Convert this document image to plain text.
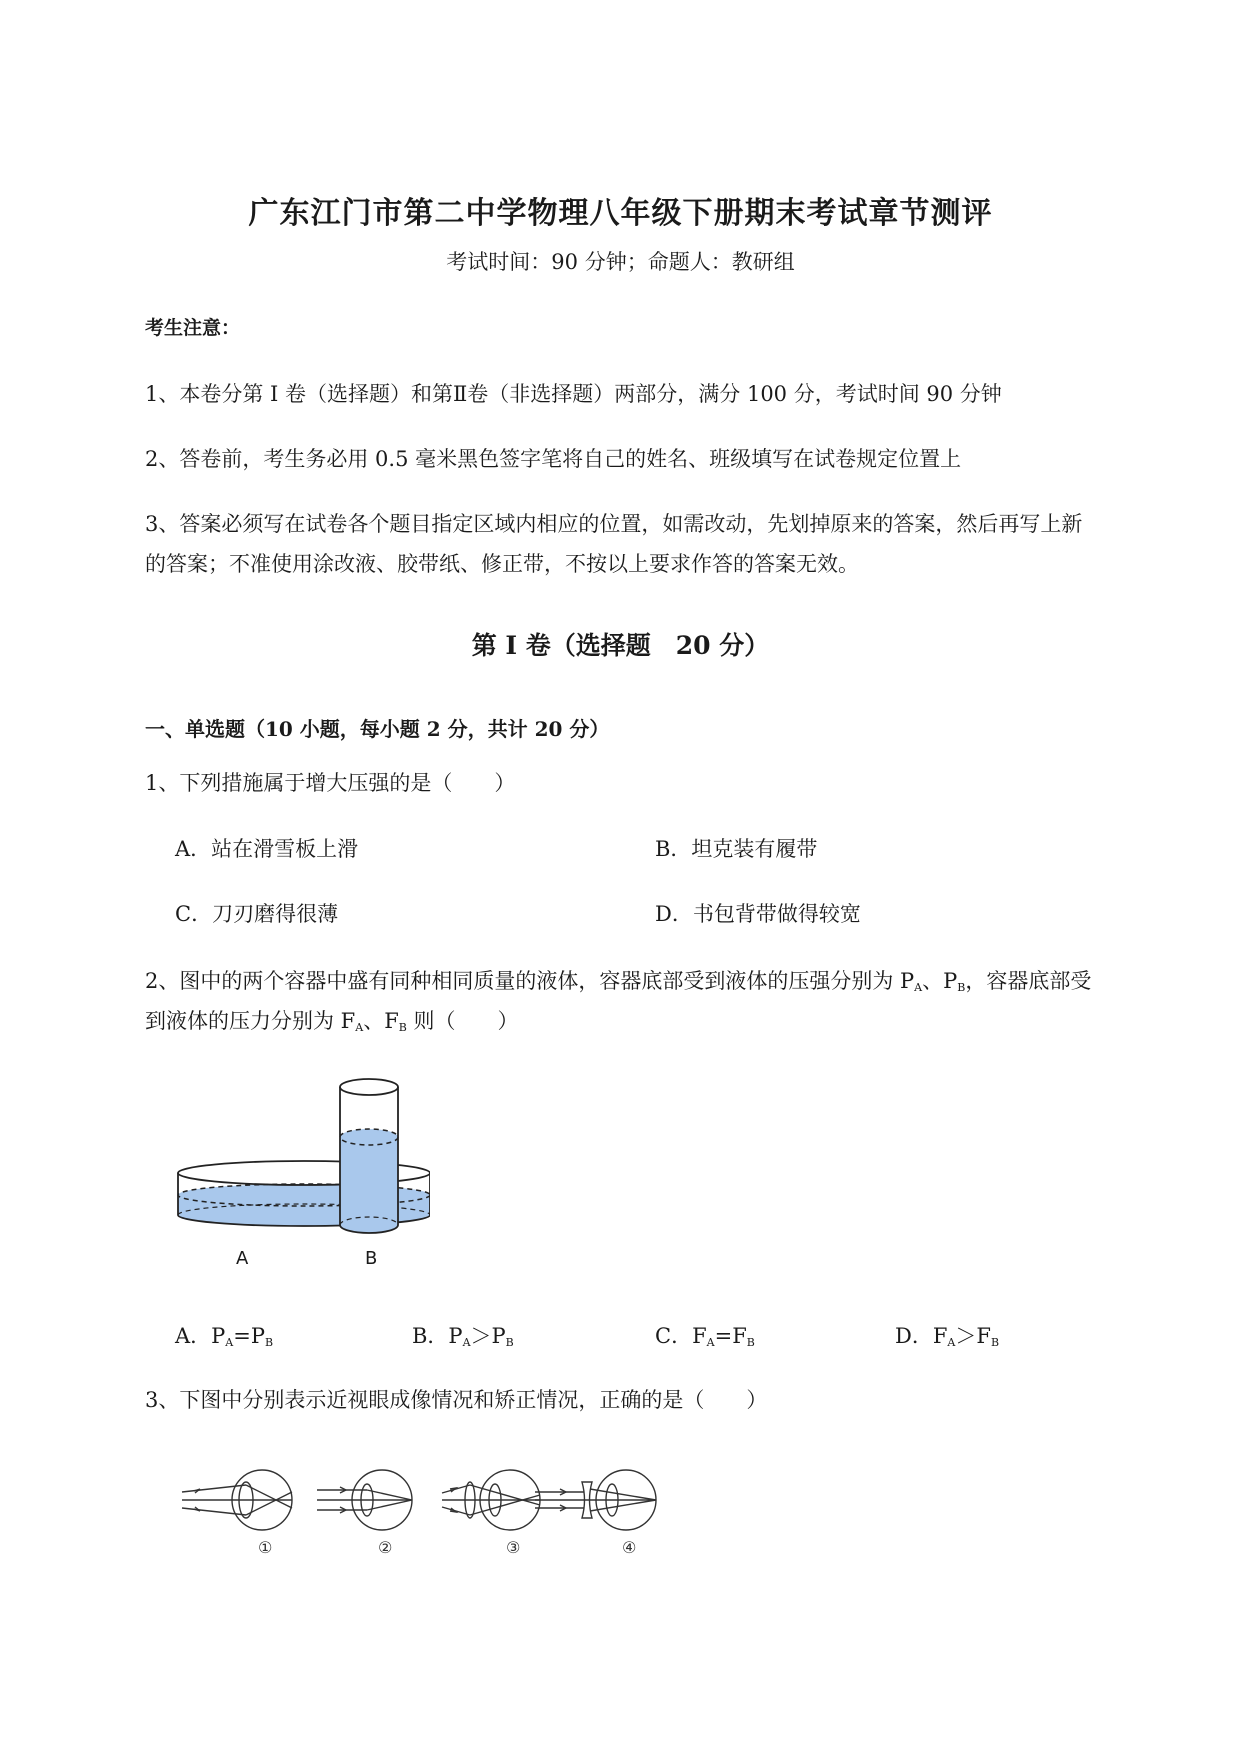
广东江门市第二中学物理八年级下册期末考试章节测评
考试时间：90 分钟；命题人：教研组
考生注意：
1、本卷分第 I 卷（选择题）和第Ⅱ卷（非选择题）两部分，满分 100 分，考试时间 90 分钟
2、答卷前，考生务必用 0.5 毫米黑色签字笔将自己的姓名、班级填写在试卷规定位置上
3、答案必须写在试卷各个题目指定区域内相应的位置，如需改动，先划掉原来的答案，然后再写上新
的答案；不准使用涂改液、胶带纸、修正带，不按以上要求作答的答案无效。
第 I 卷（选择题　20 分）
一、单选题（10 小题，每小题 2 分，共计 20 分）
1、下列措施属于增大压强的是（　　）
A．站在滑雪板上滑	B．坦克装有履带
C．刀刃磨得很薄	D．书包背带做得较宽
2、图中的两个容器中盛有同种相同质量的液体，容器底部受到液体的压强分别为 $P_A$、$P_B$，容器底部受
到液体的压力分别为 $F_A$、$F_B$ 则（　　）
A	B
A．$P_A=P_B$	B．$P_A>P_B$	C．$F_A=F_B$	D．$F_A>F_B$
3、下图中分别表示近视眼成像情况和矫正情况，正确的是（　　）
①	②	③	④
